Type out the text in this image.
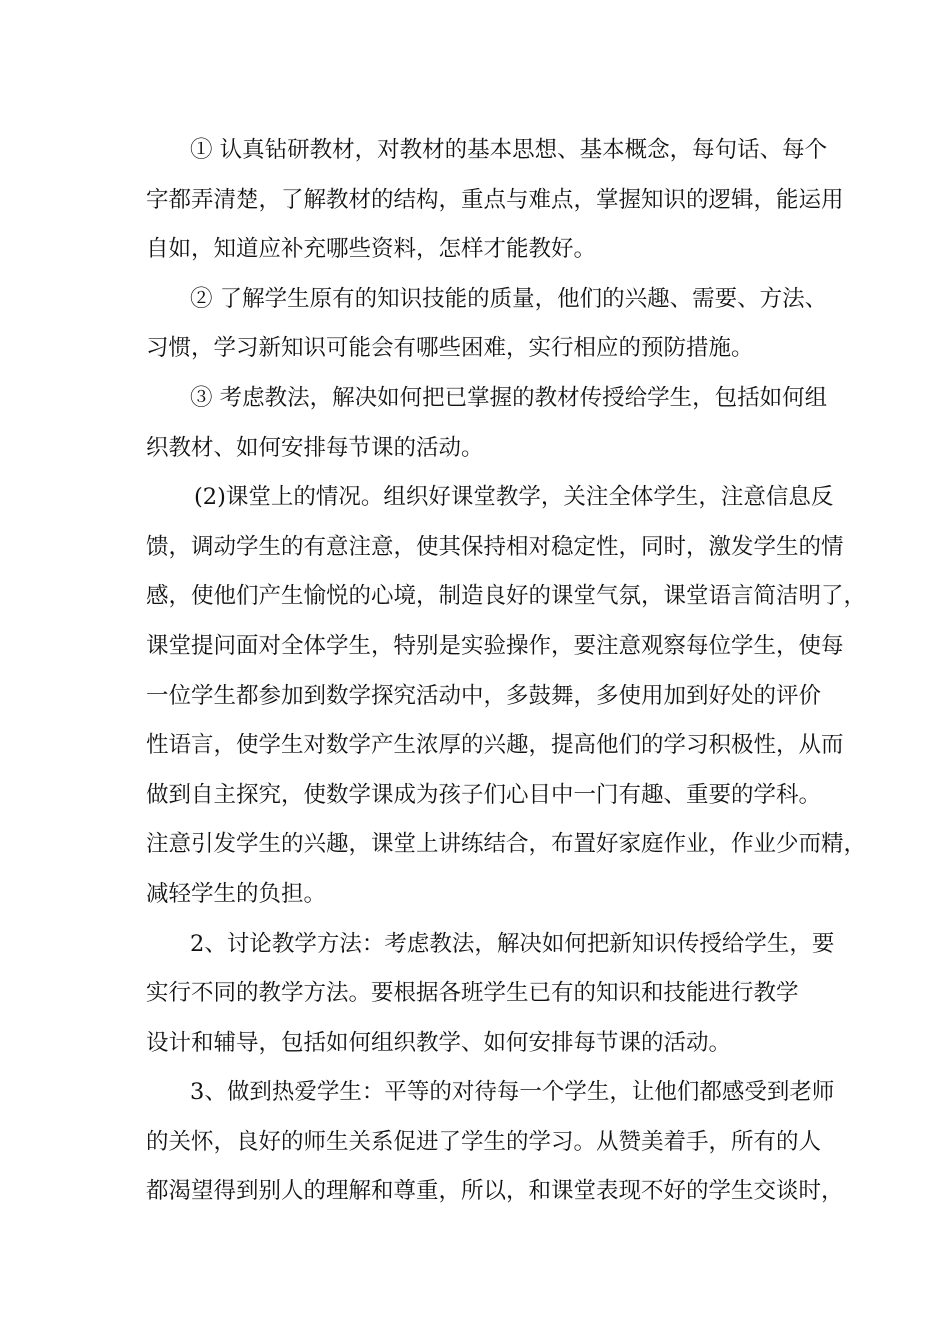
① 认真钻研教材，对教材的基本思想、基本概念，每句话、每个
字都弄清楚，了解教材的结构，重点与难点，掌握知识的逻辑，能运用
自如，知道应补充哪些资料，怎样才能教好。

② 了解学生原有的知识技能的质量，他们的兴趣、需要、方法、
习惯，学习新知识可能会有哪些困难，实行相应的预防措施。

③ 考虑教法，解决如何把已掌握的教材传授给学生，包括如何组
织教材、如何安排每节课的活动。

(2)课堂上的情况。组织好课堂教学，关注全体学生，注意信息反
馈，调动学生的有意注意，使其保持相对稳定性，同时，激发学生的情
感，使他们产生愉悦的心境，制造良好的课堂气氛，课堂语言简洁明了，
课堂提问面对全体学生，特别是实验操作，要注意观察每位学生，使每
一位学生都参加到数学探究活动中，多鼓舞，多使用加到好处的评价
性语言，使学生对数学产生浓厚的兴趣，提高他们的学习积极性，从而
做到自主探究，使数学课成为孩子们心目中一门有趣、重要的学科。
注意引发学生的兴趣，课堂上讲练结合，布置好家庭作业，作业少而精，
减轻学生的负担。

2、讨论教学方法：考虑教法，解决如何把新知识传授给学生，要
实行不同的教学方法。要根据各班学生已有的知识和技能进行教学
设计和辅导，包括如何组织教学、如何安排每节课的活动。

3、做到热爱学生：平等的对待每一个学生，让他们都感受到老师
的关怀，良好的师生关系促进了学生的学习。从赞美着手，所有的人
都渴望得到别人的理解和尊重，所以，和课堂表现不好的学生交谈时，
